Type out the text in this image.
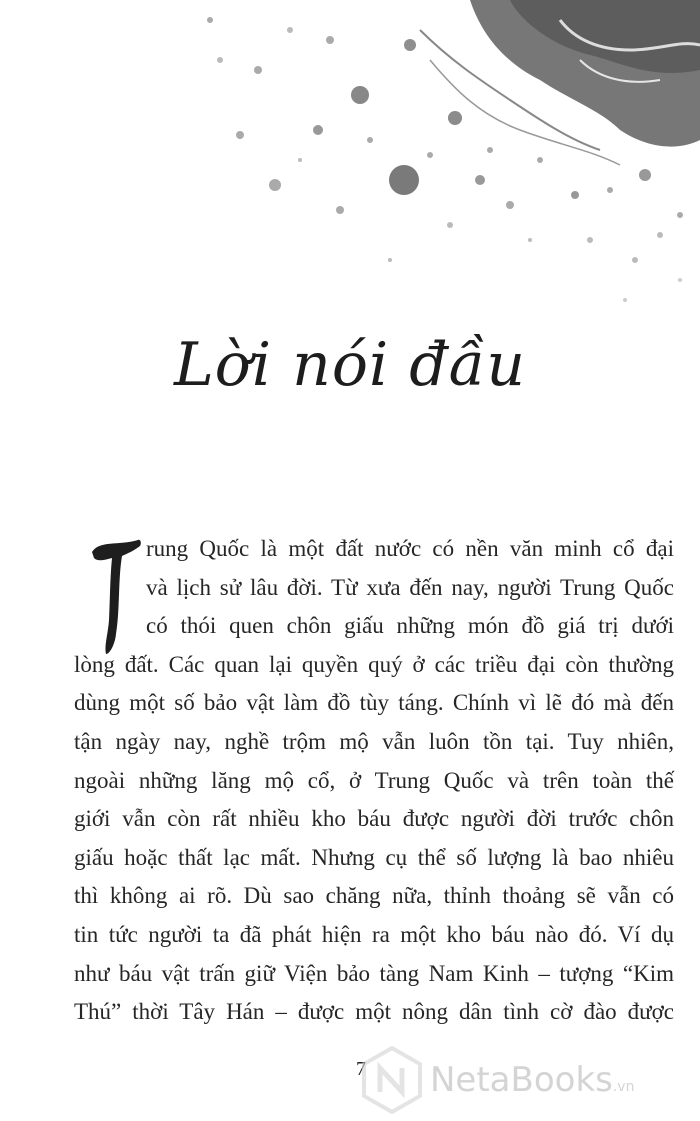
Lời nói đầu
rung Quốc là một đất nước có nền văn minh cổ đại
và lịch sử lâu đời. Từ xưa đến nay, người Trung Quốc
có thói quen chôn giấu những món đồ giá trị dưới
lòng đất. Các quan lại quyền quý ở các triều đại còn thường
dùng một số bảo vật làm đồ tùy táng. Chính vì lẽ đó mà đến
tận ngày nay, nghề trộm mộ vẫn luôn tồn tại. Tuy nhiên,
ngoài những lăng mộ cổ, ở Trung Quốc và trên toàn thế
giới vẫn còn rất nhiều kho báu được người đời trước chôn
giấu hoặc thất lạc mất. Nhưng cụ thể số lượng là bao nhiêu
thì không ai rõ. Dù sao chăng nữa, thỉnh thoảng sẽ vẫn có
tin tức người ta đã phát hiện ra một kho báu nào đó. Ví dụ
như báu vật trấn giữ Viện bảo tàng Nam Kinh – tượng “Kim
Thú” thời Tây Hán – được một nông dân tình cờ đào được
7 NetaBooks.vn
